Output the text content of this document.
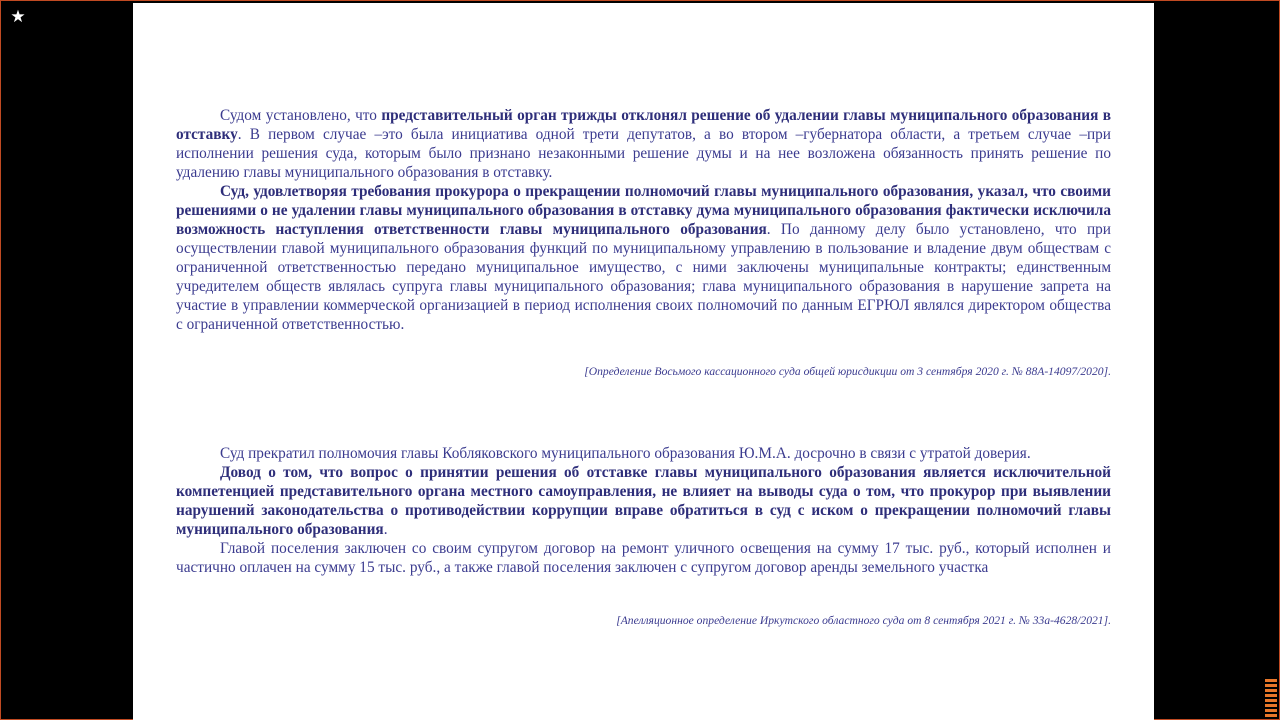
★

Судом установлено, что представительный орган трижды отклонял решение об удалении главы муниципального образования в отставку. В первом случае –это была инициатива одной трети депутатов, а во втором –губернатора области, а третьем случае –при исполнении решения суда, которым было признано незаконными решение думы и на нее возложена обязанность принять решение по удалению главы муниципального образования в отставку.

Суд, удовлетворяя требования прокурора о прекращении полномочий главы муниципального образования, указал, что своими решениями о не удалении главы муниципального образования в отставку дума муниципального образования фактически исключила возможность наступления ответственности главы муниципального образования. По данному делу было установлено, что при осуществлении главой муниципального образования функций по муниципальному управлению в пользование и владение двум обществам с ограниченной ответственностью передано муниципальное имущество, с ними заключены муниципальные контракты; единственным учредителем обществ являлась супруга главы муниципального образования; глава муниципального образования в нарушение запрета на участие в управлении коммерческой организацией в период исполнения своих полномочий по данным ЕГРЮЛ являлся директором общества с ограниченной ответственностью.

[Определение Восьмого кассационного суда общей юрисдикции от 3 сентября 2020 г. № 88А-14097/2020].

Суд прекратил полномочия главы Кобляковского муниципального образования Ю.М.А. досрочно в связи с утратой доверия.

Довод о том, что вопрос о принятии решения об отставке главы муниципального образования является исключительной компетенцией представительного органа местного самоуправления, не влияет на выводы суда о том, что прокурор при выявлении нарушений законодательства о противодействии коррупции вправе обратиться в суд с иском о прекращении полномочий главы муниципального образования.

Главой поселения заключен со своим супругом договор на ремонт уличного освещения на сумму 17 тыс. руб., который исполнен и частично оплачен на сумму 15 тыс. руб., а также главой поселения заключен с супругом договор аренды земельного участка

[Апелляционное определение Иркутского областного суда от 8 сентября 2021 г. № 33а-4628/2021].
